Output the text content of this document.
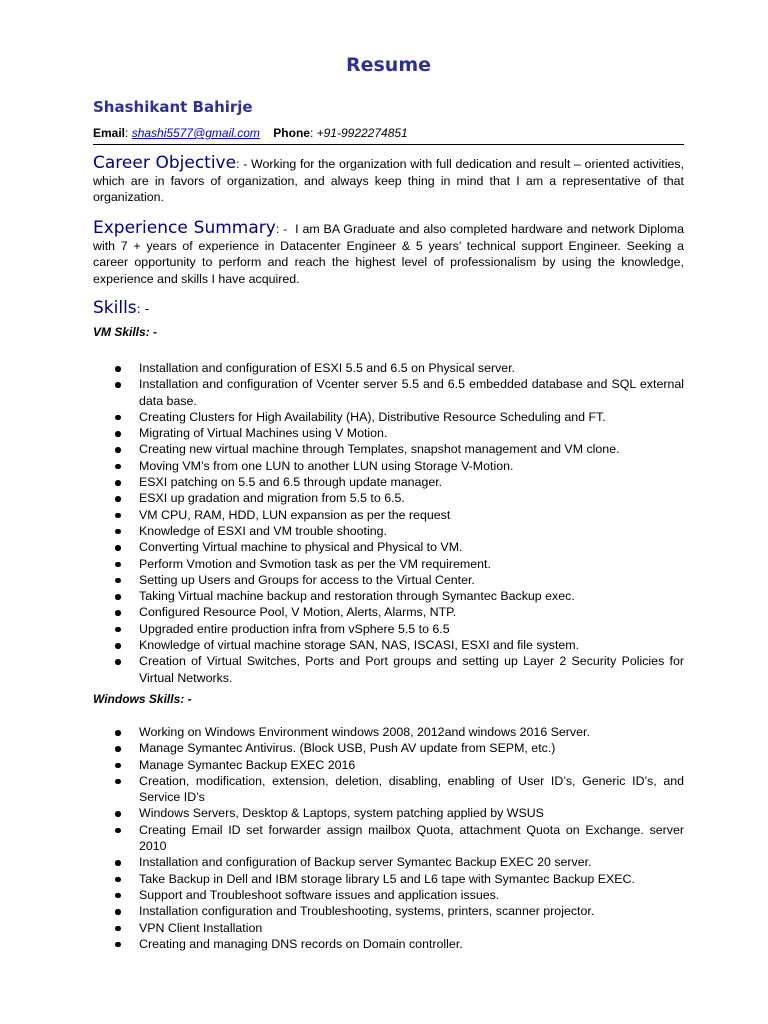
Resume
Shashikant Bahirje
Email: shashi5577@gmail.com Phone: +91-9922274851
Career Objective: - Working for the organization with full dedication and result – oriented activities, which are in favors of organization, and always keep thing in mind that I am a representative of that organization.
Experience Summary: -  I am BA Graduate and also completed hardware and network Diploma with 7 + years of experience in Datacenter Engineer & 5 years’ technical support Engineer. Seeking a career opportunity to perform and reach the highest level of professionalism by using the knowledge, experience and skills I have acquired.
Skills: -
VM Skills: -
Installation and configuration of ESXI 5.5 and 6.5 on Physical server.
Installation and configuration of Vcenter server 5.5 and 6.5 embedded database and SQL external data base.
Creating Clusters for High Availability (HA), Distributive Resource Scheduling and FT.
Migrating of Virtual Machines using V Motion.
Creating new virtual machine through Templates, snapshot management and VM clone.
Moving VM’s from one LUN to another LUN using Storage V-Motion.
ESXI patching on 5.5 and 6.5 through update manager.
ESXI up gradation and migration from 5.5 to 6.5.
VM CPU, RAM, HDD, LUN expansion as per the request
Knowledge of ESXI and VM trouble shooting.
Converting Virtual machine to physical and Physical to VM.
Perform Vmotion and Svmotion task as per the VM requirement.
Setting up Users and Groups for access to the Virtual Center.
Taking Virtual machine backup and restoration through Symantec Backup exec.
Configured Resource Pool, V Motion, Alerts, Alarms, NTP.
Upgraded entire production infra from vSphere 5.5 to 6.5
Knowledge of virtual machine storage SAN, NAS, ISCASI, ESXI and file system.
Creation of Virtual Switches, Ports and Port groups and setting up Layer 2 Security Policies for Virtual Networks.
Windows Skills: -
Working on Windows Environment windows 2008, 2012and windows 2016 Server.
Manage Symantec Antivirus. (Block USB, Push AV update from SEPM, etc.)
Manage Symantec Backup EXEC 2016
Creation, modification, extension, deletion, disabling, enabling of User ID’s, Generic ID’s, and Service ID’s
Windows Servers, Desktop & Laptops, system patching applied by WSUS
Creating Email ID set forwarder assign mailbox Quota, attachment Quota on Exchange. server 2010
Installation and configuration of Backup server Symantec Backup EXEC 20 server.
Take Backup in Dell and IBM storage library L5 and L6 tape with Symantec Backup EXEC.
Support and Troubleshoot software issues and application issues.
Installation configuration and Troubleshooting, systems, printers, scanner projector.
VPN Client Installation
Creating and managing DNS records on Domain controller.
